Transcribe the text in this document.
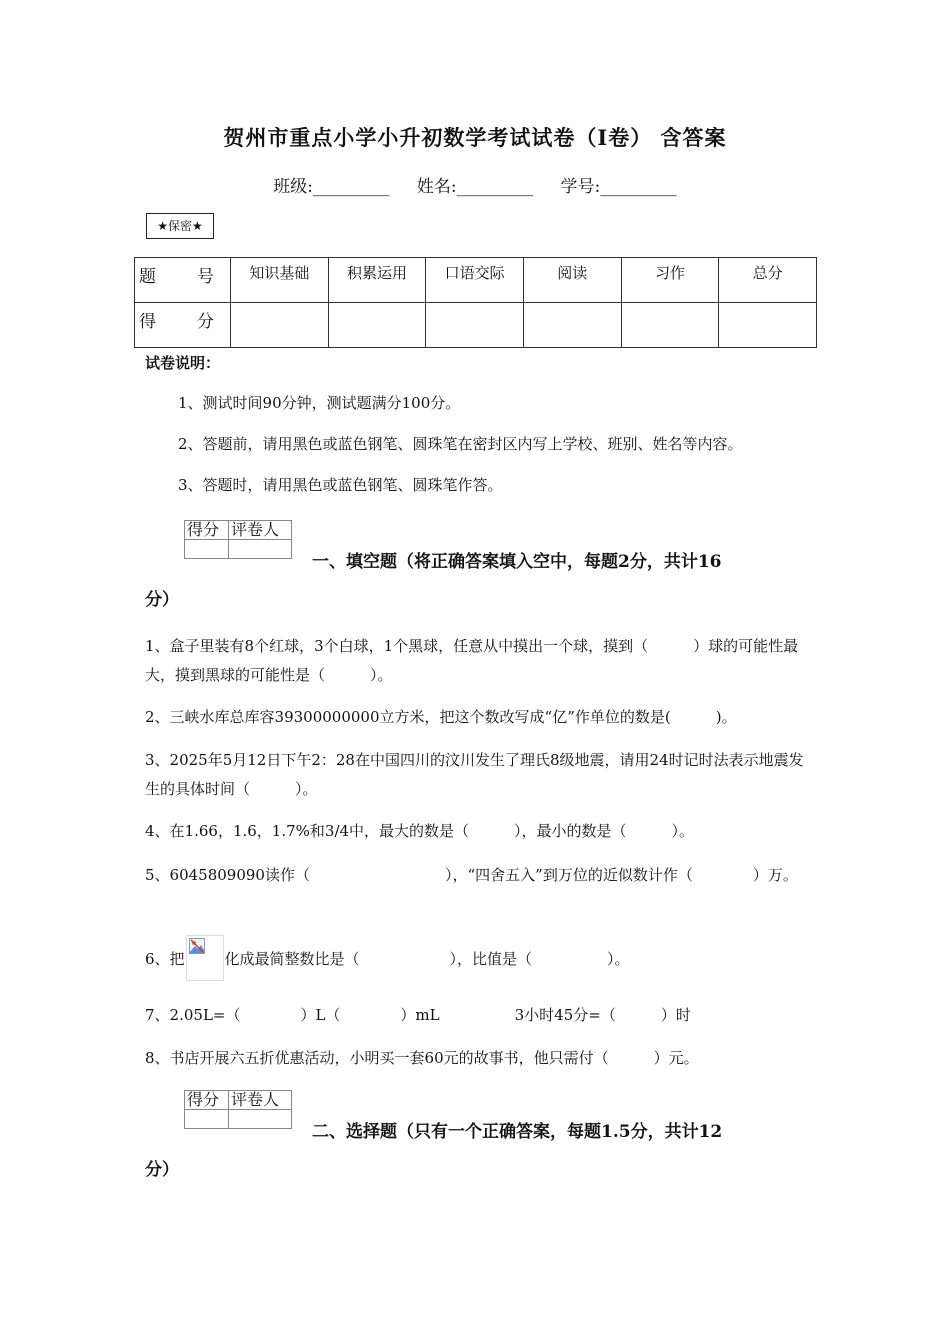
贺州市重点小学小升初数学考试试卷（I卷） 含答案
班级:_________ 姓名:_________ 学号:_________
★保密★
题　号	知识基础	积累运用	口语交际	阅读	习作	总分
得　分						
试卷说明：
1、测试时间90分钟，测试题满分100分。
2、答题前，请用黑色或蓝色钢笔、圆珠笔在密封区内写上学校、班别、姓名等内容。
3、答题时，请用黑色或蓝色钢笔、圆珠笔作答。
得分	评卷人

一、填空题（将正确答案填入空中，每题2分，共计16
分）
1、盒子里装有8个红球，3个白球，1个黑球，任意从中摸出一个球，摸到（　　　）球的可能性最大，摸到黑球的可能性是（　　　）。
2、三峡水库总库容39300000000立方米，把这个数改写成“亿”作单位的数是(　　　)。
3、2025年5月12日下午2：28在中国四川的汶川发生了理氏8级地震，请用24时记时法表示地震发生的具体时间（　　　）。
4、在1.66，1.6，1.7%和3/4中，最大的数是（　　　），最小的数是（　　　）。
5、6045809090读作（　　　　　　　　　），“四舍五入”到万位的近似数计作（　　　　）万。
6、把	化成最简整数比是（　　　　　　），比值是（　　　　　）。
7、2.05L=（　　　　）L（　　　　）mL　　　　　3小时45分=（　　　）时
8、书店开展六五折优惠活动，小明买一套60元的故事书，他只需付（　　　）元。
得分	评卷人

二、选择题（只有一个正确答案，每题1.5分，共计12
分）
